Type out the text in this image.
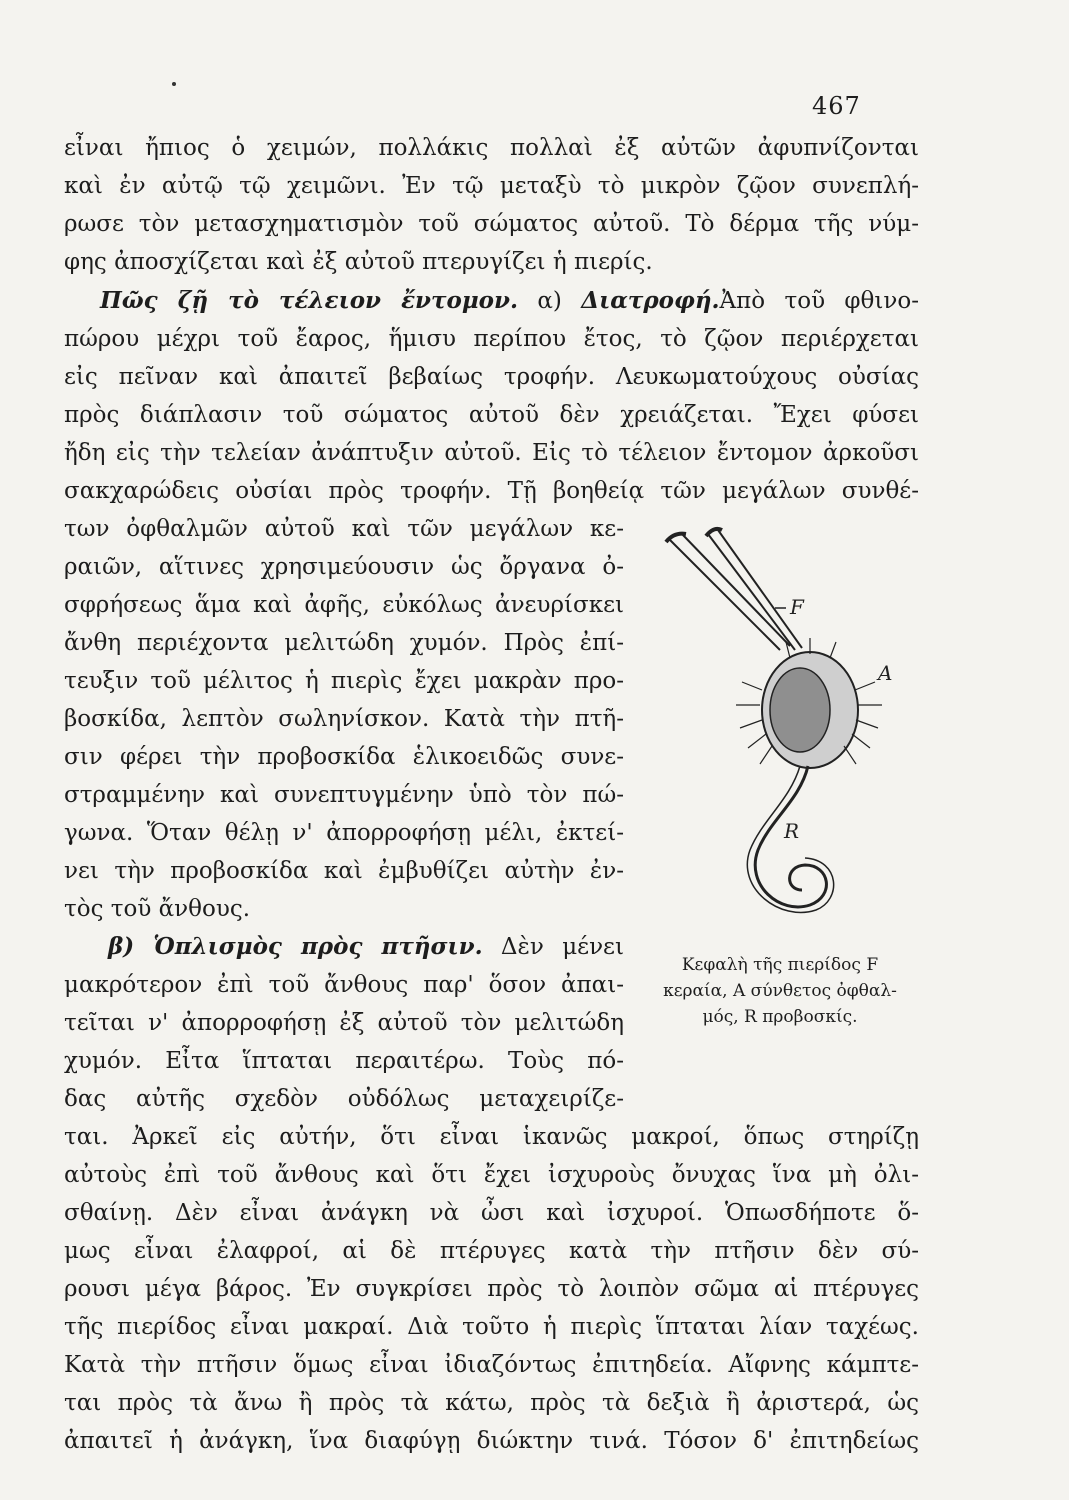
467
εἶναι ἤπιος ὁ χειμών, πολλάκις πολλαὶ ἐξ αὐτῶν ἀφυπνίζονται
καὶ ἐν αὐτῷ τῷ χειμῶνι. Ἐν τῷ μεταξὺ τὸ μικρὸν ζῷον συνεπλή-
ρωσε τὸν μετασχηματισμὸν τοῦ σώματος αὐτοῦ. Τὸ δέρμα τῆς νύμ-
φης ἀποσχίζεται καὶ ἐξ αὐτοῦ πτερυγίζει ἡ πιερίς.
Πῶς ζῇ τὸ τέλειον ἔντομον. α) Διατροφή.Ἀπὸ τοῦ φθινο-
πώρου μέχρι τοῦ ἔαρος, ἥμισυ περίπου ἔτος, τὸ ζῷον περιέρχεται
εἰς πεῖναν καὶ ἀπαιτεῖ βεβαίως τροφήν. Λευκωματούχους οὐσίας
πρὸς διάπλασιν τοῦ σώματος αὐτοῦ δὲν χρειάζεται. Ἔχει φύσει
ἤδη εἰς τὴν τελείαν ἀνάπτυξιν αὐτοῦ. Εἰς τὸ τέλειον ἔντομον ἀρκοῦσι
σακχαρώδεις οὐσίαι πρὸς τροφήν. Τῇ βοηθείᾳ τῶν μεγάλων συνθέ-
των ὀφθαλμῶν αὐτοῦ καὶ τῶν μεγάλων κε-
ραιῶν, αἵτινες χρησιμεύουσιν ὡς ὄργανα ὀ-
σφρήσεως ἅμα καὶ ἀφῆς, εὐκόλως ἀνευρίσκει
ἄνθη περιέχοντα μελιτώδη χυμόν. Πρὸς ἐπί-
τευξιν τοῦ μέλιτος ἡ πιερὶς ἔχει μακρὰν προ-
βοσκίδα, λεπτὸν σωληνίσκον. Κατὰ τὴν πτῆ-
σιν φέρει τὴν προβοσκίδα ἑλικοειδῶς συνε-
στραμμένην καὶ συνεπτυγμένην ὑπὸ τὸν πώ-
γωνα. Ὅταν θέλῃ ν' ἀπορροφήσῃ μέλι, ἐκτεί-
νει τὴν προβοσκίδα καὶ ἐμβυθίζει αὐτὴν ἐν-
τὸς τοῦ ἄνθους.
β) Ὁπλισμὸς πρὸς πτῆσιν. Δὲν μένει
μακρότερον ἐπὶ τοῦ ἄνθους παρ' ὅσον ἀπαι-
τεῖται ν' ἀπορροφήσῃ ἐξ αὐτοῦ τὸν μελιτώδη
χυμόν. Εἶτα ἵπταται περαιτέρω. Τοὺς πό-
δας αὐτῆς σχεδὸν οὐδόλως μεταχειρίζε-
ται. Ἀρκεῖ εἰς αὐτήν, ὅτι εἶναι ἱκανῶς μακροί, ὅπως στηρίζῃ
αὐτοὺς ἐπὶ τοῦ ἄνθους καὶ ὅτι ἔχει ἰσχυροὺς ὄνυχας ἵνα μὴ ὀλι-
σθαίνῃ. Δὲν εἶναι ἀνάγκη νὰ ὦσι καὶ ἰσχυροί. Ὁπωσδήποτε ὅ-
μως εἶναι ἐλαφροί, αἱ δὲ πτέρυγες κατὰ τὴν πτῆσιν δὲν σύ-
ρουσι μέγα βάρος. Ἐν συγκρίσει πρὸς τὸ λοιπὸν σῶμα αἱ πτέρυγες
τῆς πιερίδος εἶναι μακραί. Διὰ τοῦτο ἡ πιερὶς ἵπταται λίαν ταχέως.
Κατὰ τὴν πτῆσιν ὅμως εἶναι ἰδιαζόντως ἐπιτηδεία. Αἴφνης κάμπτε-
ται πρὸς τὰ ἄνω ἢ πρὸς τὰ κάτω, πρὸς τὰ δεξιὰ ἢ ἀριστερά, ὡς
ἀπαιτεῖ ἡ ἀνάγκη, ἵνα διαφύγῃ διώκτην τινά. Τόσον δ' ἐπιτηδείως
F
A
R
Κεφαλὴ τῆς πιερίδος F
κεραία, A σύνθετος ὀφθαλ-
μός, R προβοσκίς.
